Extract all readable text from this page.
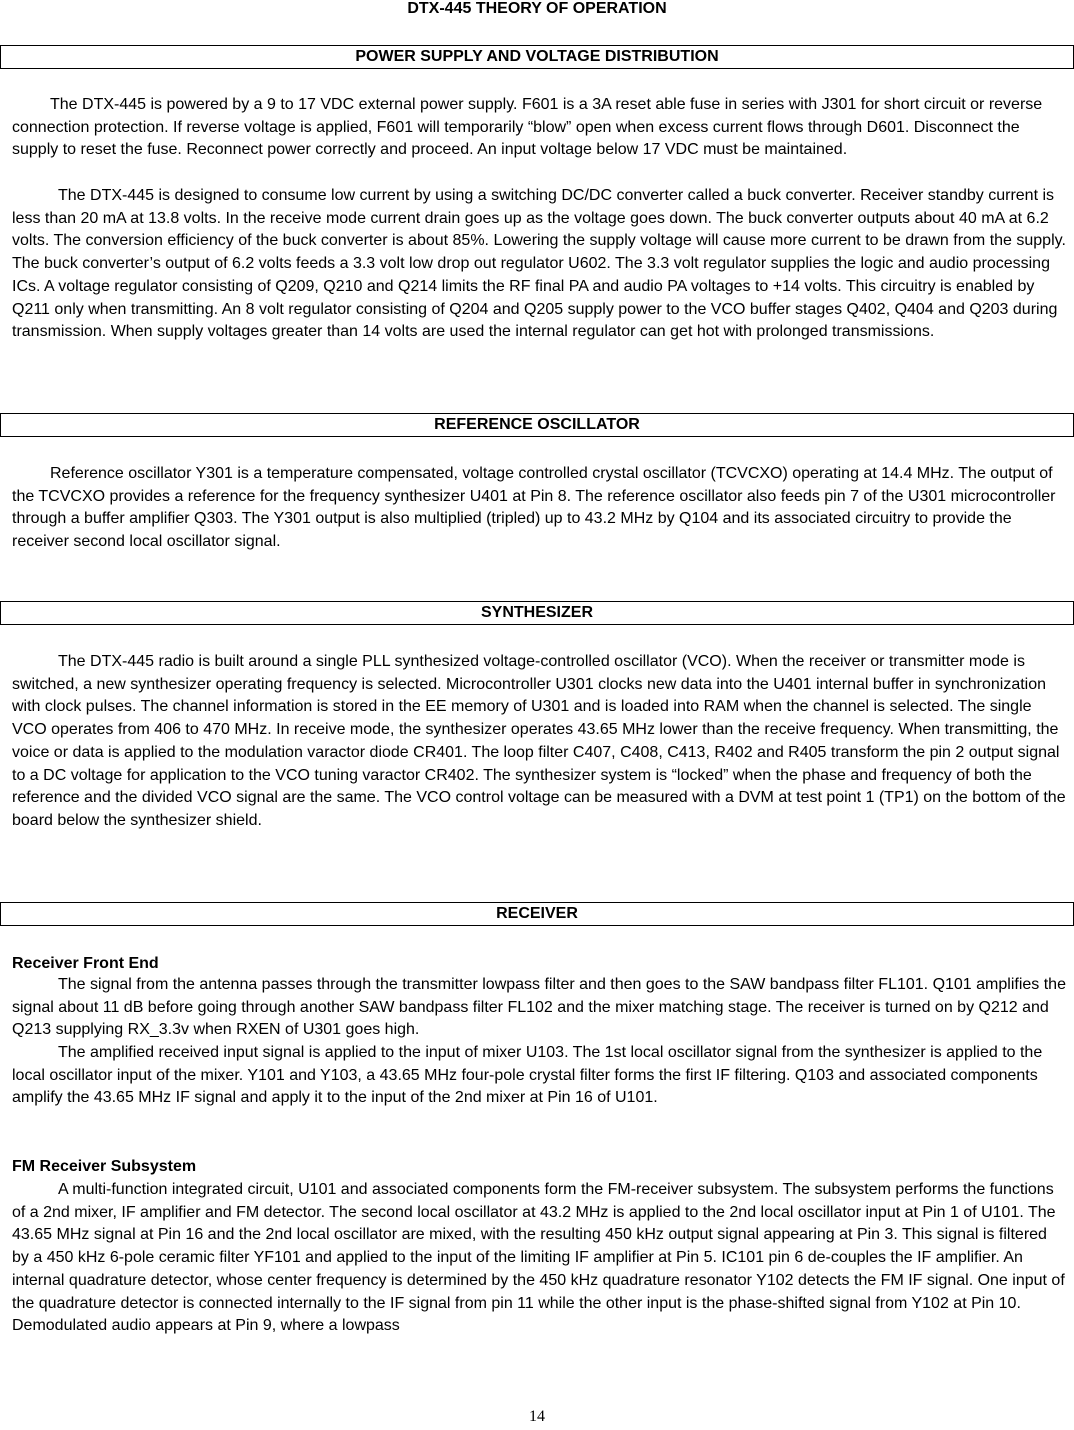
DTX-445 THEORY OF OPERATION
POWER SUPPLY AND VOLTAGE DISTRIBUTION

The DTX-445 is powered by a 9 to 17 VDC external power supply. F601 is a 3A reset able fuse in series with J301 for short circuit or reverse connection protection. If reverse voltage is applied, F601 will temporarily “blow” open when excess current flows through D601. Disconnect the supply to reset the fuse. Reconnect power correctly and proceed. An input voltage below 17 VDC must be maintained.

The DTX-445 is designed to consume low current by using a switching DC/DC converter called a buck converter. Receiver standby current is less than 20 mA at 13.8 volts. In the receive mode current drain goes up as the voltage goes down. The buck converter outputs about 40 mA at 6.2 volts. The conversion efficiency of the buck converter is about 85%. Lowering the supply voltage will cause more current to be drawn from the supply. The buck converter’s output of 6.2 volts feeds a 3.3 volt low drop out regulator U602. The 3.3 volt regulator supplies the logic and audio processing ICs. A voltage regulator consisting of Q209, Q210 and Q214 limits the RF final PA and audio PA voltages to +14 volts. This circuitry is enabled by Q211 only when transmitting. An 8 volt regulator consisting of Q204 and Q205 supply power to the VCO buffer stages Q402, Q404 and Q203 during transmission. When supply voltages greater than 14 volts are used the internal regulator can get hot with prolonged transmissions.

REFERENCE OSCILLATOR

Reference oscillator Y301 is a temperature compensated, voltage controlled crystal oscillator (TCVCXO) operating at 14.4 MHz. The output of the TCVCXO provides a reference for the frequency synthesizer U401 at Pin 8. The reference oscillator also feeds pin 7 of the U301 microcontroller through a buffer amplifier Q303. The Y301 output is also multiplied (tripled) up to 43.2 MHz by Q104 and its associated circuitry to provide the receiver second local oscillator signal.

SYNTHESIZER

The DTX-445 radio is built around a single PLL synthesized voltage-controlled oscillator (VCO). When the receiver or transmitter mode is switched, a new synthesizer operating frequency is selected. Microcontroller U301 clocks new data into the U401 internal buffer in synchronization with clock pulses. The channel information is stored in the EE memory of U301 and is loaded into RAM when the channel is selected. The single VCO operates from 406 to 470 MHz. In receive mode, the synthesizer operates 43.65 MHz lower than the receive frequency. When transmitting, the voice or data is applied to the modulation varactor diode CR401. The loop filter C407, C408, C413, R402 and R405 transform the pin 2 output signal to a DC voltage for application to the VCO tuning varactor CR402. The synthesizer system is “locked” when the phase and frequency of both the reference and the divided VCO signal are the same. The VCO control voltage can be measured with a DVM at test point 1 (TP1) on the bottom of the board below the synthesizer shield.

RECEIVER
Receiver Front End

The signal from the antenna passes through the transmitter lowpass filter and then goes to the SAW bandpass filter FL101. Q101 amplifies the signal about 11 dB before going through another SAW bandpass filter FL102 and the mixer matching stage. The receiver is turned on by Q212 and Q213 supplying RX_3.3v when RXEN of U301 goes high.

The amplified received input signal is applied to the input of mixer U103. The 1st local oscillator signal from the synthesizer is applied to the local oscillator input of the mixer. Y101 and Y103, a 43.65 MHz four-pole crystal filter forms the first IF filtering. Q103 and associated components amplify the 43.65 MHz IF signal and apply it to the input of the 2nd mixer at Pin 16 of U101.

FM Receiver Subsystem

A multi-function integrated circuit, U101 and associated components form the FM-receiver subsystem. The subsystem performs the functions of a 2nd mixer, IF amplifier and FM detector. The second local oscillator at 43.2 MHz is applied to the 2nd local oscillator input at Pin 1 of U101. The 43.65 MHz signal at Pin 16 and the 2nd local oscillator are mixed, with the resulting 450 kHz output signal appearing at Pin 3. This signal is filtered by a 450 kHz 6-pole ceramic filter YF101 and applied to the input of the limiting IF amplifier at Pin 5. IC101 pin 6 de-couples the IF amplifier. An internal quadrature detector, whose center frequency is determined by the 450 kHz quadrature resonator Y102 detects the FM IF signal. One input of the quadrature detector is connected internally to the IF signal from pin 11 while the other input is the phase-shifted signal from Y102 at Pin 10. Demodulated audio appears at Pin 9, where a lowpass

14
